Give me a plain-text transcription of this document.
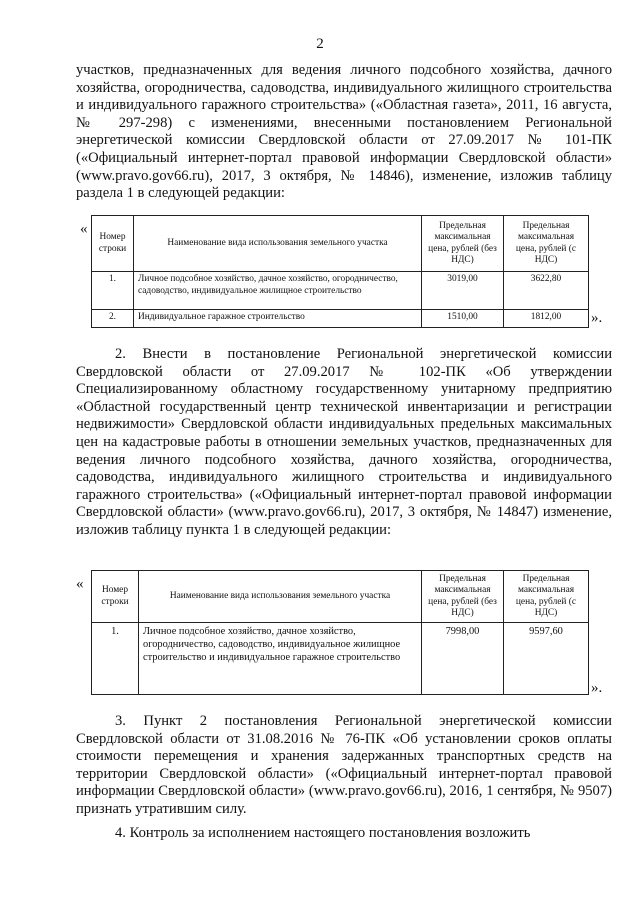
2

участков, предназначенных для ведения личного подсобного хозяйства, дачного хозяйства, огородничества, садоводства, индивидуального жилищного строительства и индивидуального гаражного строительства» («Областная газета», 2011, 16 августа, № 297-298) с изменениями, внесенными постановлением Региональной энергетической комиссии Свердловской области от 27.09.2017 № 101-ПК («Официальный интернет-портал правовой информации Свердловской области» (www.pravo.gov66.ru), 2017, 3 октября, № 14846), изменение, изложив таблицу раздела 1 в следующей редакции:

« Номер строки	Наименование вида использования земельного участка	Предельная максимальная цена, рублей (без НДС)	Предельная максимальная цена, рублей (с НДС)
1.	Личное подсобное хозяйство, дачное хозяйство, огородничество, садоводство, индивидуальное жилищное строительство	3019,00	3622,80
2.	Индивидуальное гаражное строительство	1510,00	1812,00 ».

2. Внести в постановление Региональной энергетической комиссии Свердловской области от 27.09.2017 № 102-ПК «Об утверждении Специализированному областному государственному унитарному предприятию «Областной государственный центр технической инвентаризации и регистрации недвижимости» Свердловской области индивидуальных предельных максимальных цен на кадастровые работы в отношении земельных участков, предназначенных для ведения личного подсобного хозяйства, дачного хозяйства, огородничества, садоводства, индивидуального жилищного строительства и индивидуального гаражного строительства» («Официальный интернет-портал правовой информации Свердловской области» (www.pravo.gov66.ru), 2017, 3 октября, № 14847) изменение, изложив таблицу пункта 1 в следующей редакции:

« Номер строки	Наименование вида использования земельного участка	Предельная максимальная цена, рублей (без НДС)	Предельная максимальная цена, рублей (с НДС)
1.	Личное подсобное хозяйство, дачное хозяйство, огородничество, садоводство, индивидуальное жилищное строительство и индивидуальное гаражное строительство	7998,00	9597,60
».

3. Пункт 2 постановления Региональной энергетической комиссии Свердловской области от 31.08.2016 № 76-ПК «Об установлении сроков оплаты стоимости перемещения и хранения задержанных транспортных средств на территории Свердловской области» («Официальный интернет-портал правовой информации Свердловской области» (www.pravo.gov66.ru), 2016, 1 сентября, № 9507) признать утратившим силу.

4. Контроль за исполнением настоящего постановления возложить
